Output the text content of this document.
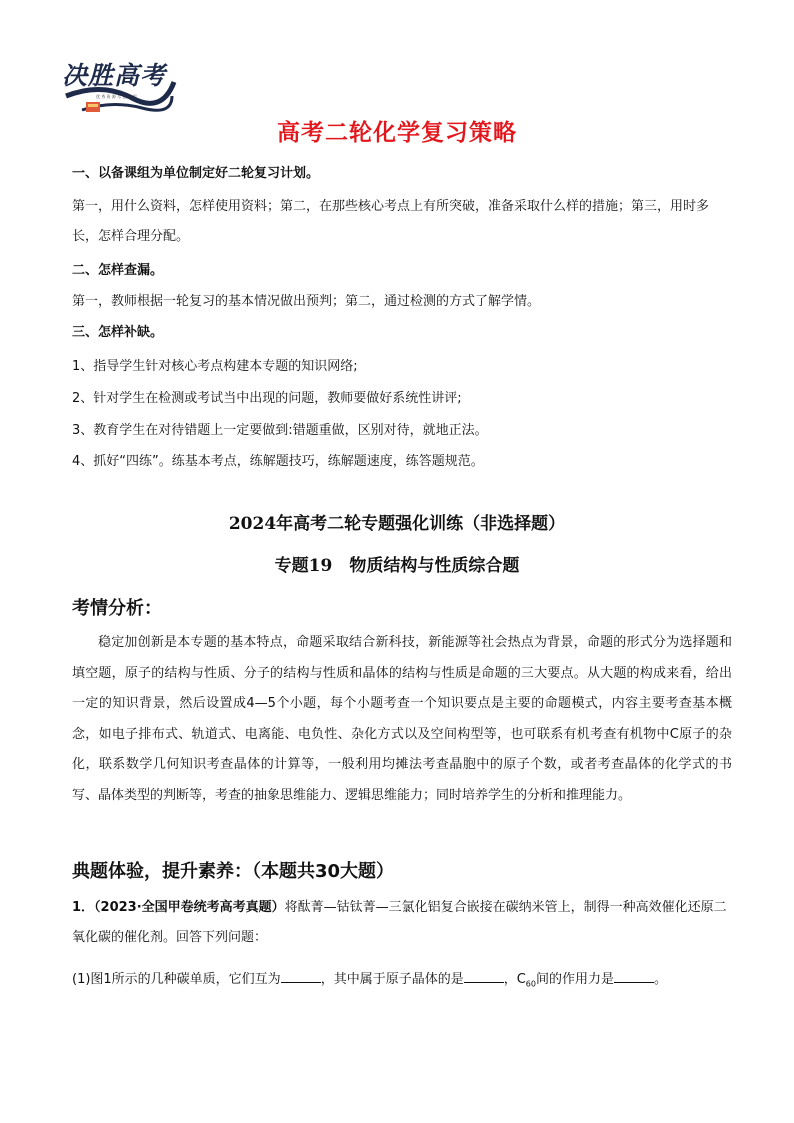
决胜高考
优 秀 资 源 尽 在 这 里
高考二轮化学复习策略
一、以备课组为单位制定好二轮复习计划。
第一，用什么资料，怎样使用资料；第二，在那些核心考点上有所突破，准备采取什么样的措施；第三，用时多长，怎样合理分配。
二、怎样查漏。
第一，教师根据一轮复习的基本情况做出预判；第二，通过检测的方式了解学情。
三、怎样补缺。
1、指导学生针对核心考点构建本专题的知识网络;
2、针对学生在检测或考试当中出现的问题，教师要做好系统性讲评;
3、教育学生在对待错题上一定要做到:错题重做，区别对待，就地正法。
4、抓好“四练”。练基本考点，练解题技巧，练解题速度，练答题规范。
2024年高考二轮专题强化训练（非选择题）
专题19　物质结构与性质综合题
考情分析：
稳定加创新是本专题的基本特点，命题采取结合新科技，新能源等社会热点为背景，命题的形式分为选择题和填空题，原子的结构与性质、分子的结构与性质和晶体的结构与性质是命题的三大要点。从大题的构成来看，给出一定的知识背景，然后设置成4—5个小题，每个小题考查一个知识要点是主要的命题模式，内容主要考查基本概念，如电子排布式、轨道式、电离能、电负性、杂化方式以及空间构型等，也可联系有机考查有机物中C原子的杂化，联系数学几何知识考查晶体的计算等，一般利用均摊法考查晶胞中的原子个数，或者考查晶体的化学式的书写、晶体类型的判断等，考查的抽象思维能力、逻辑思维能力；同时培养学生的分析和推理能力。
典题体验，提升素养：（本题共30大题）
1．（2023·全国甲卷统考高考真题）将酞菁—钴钛菁—三氯化铝复合嵌接在碳纳米管上，制得一种高效催化还原二氧化碳的催化剂。回答下列问题：
(1)图1所示的几种碳单质，它们互为	，其中属于原子晶体的是	，$C_{60}$间的作用力是	。
